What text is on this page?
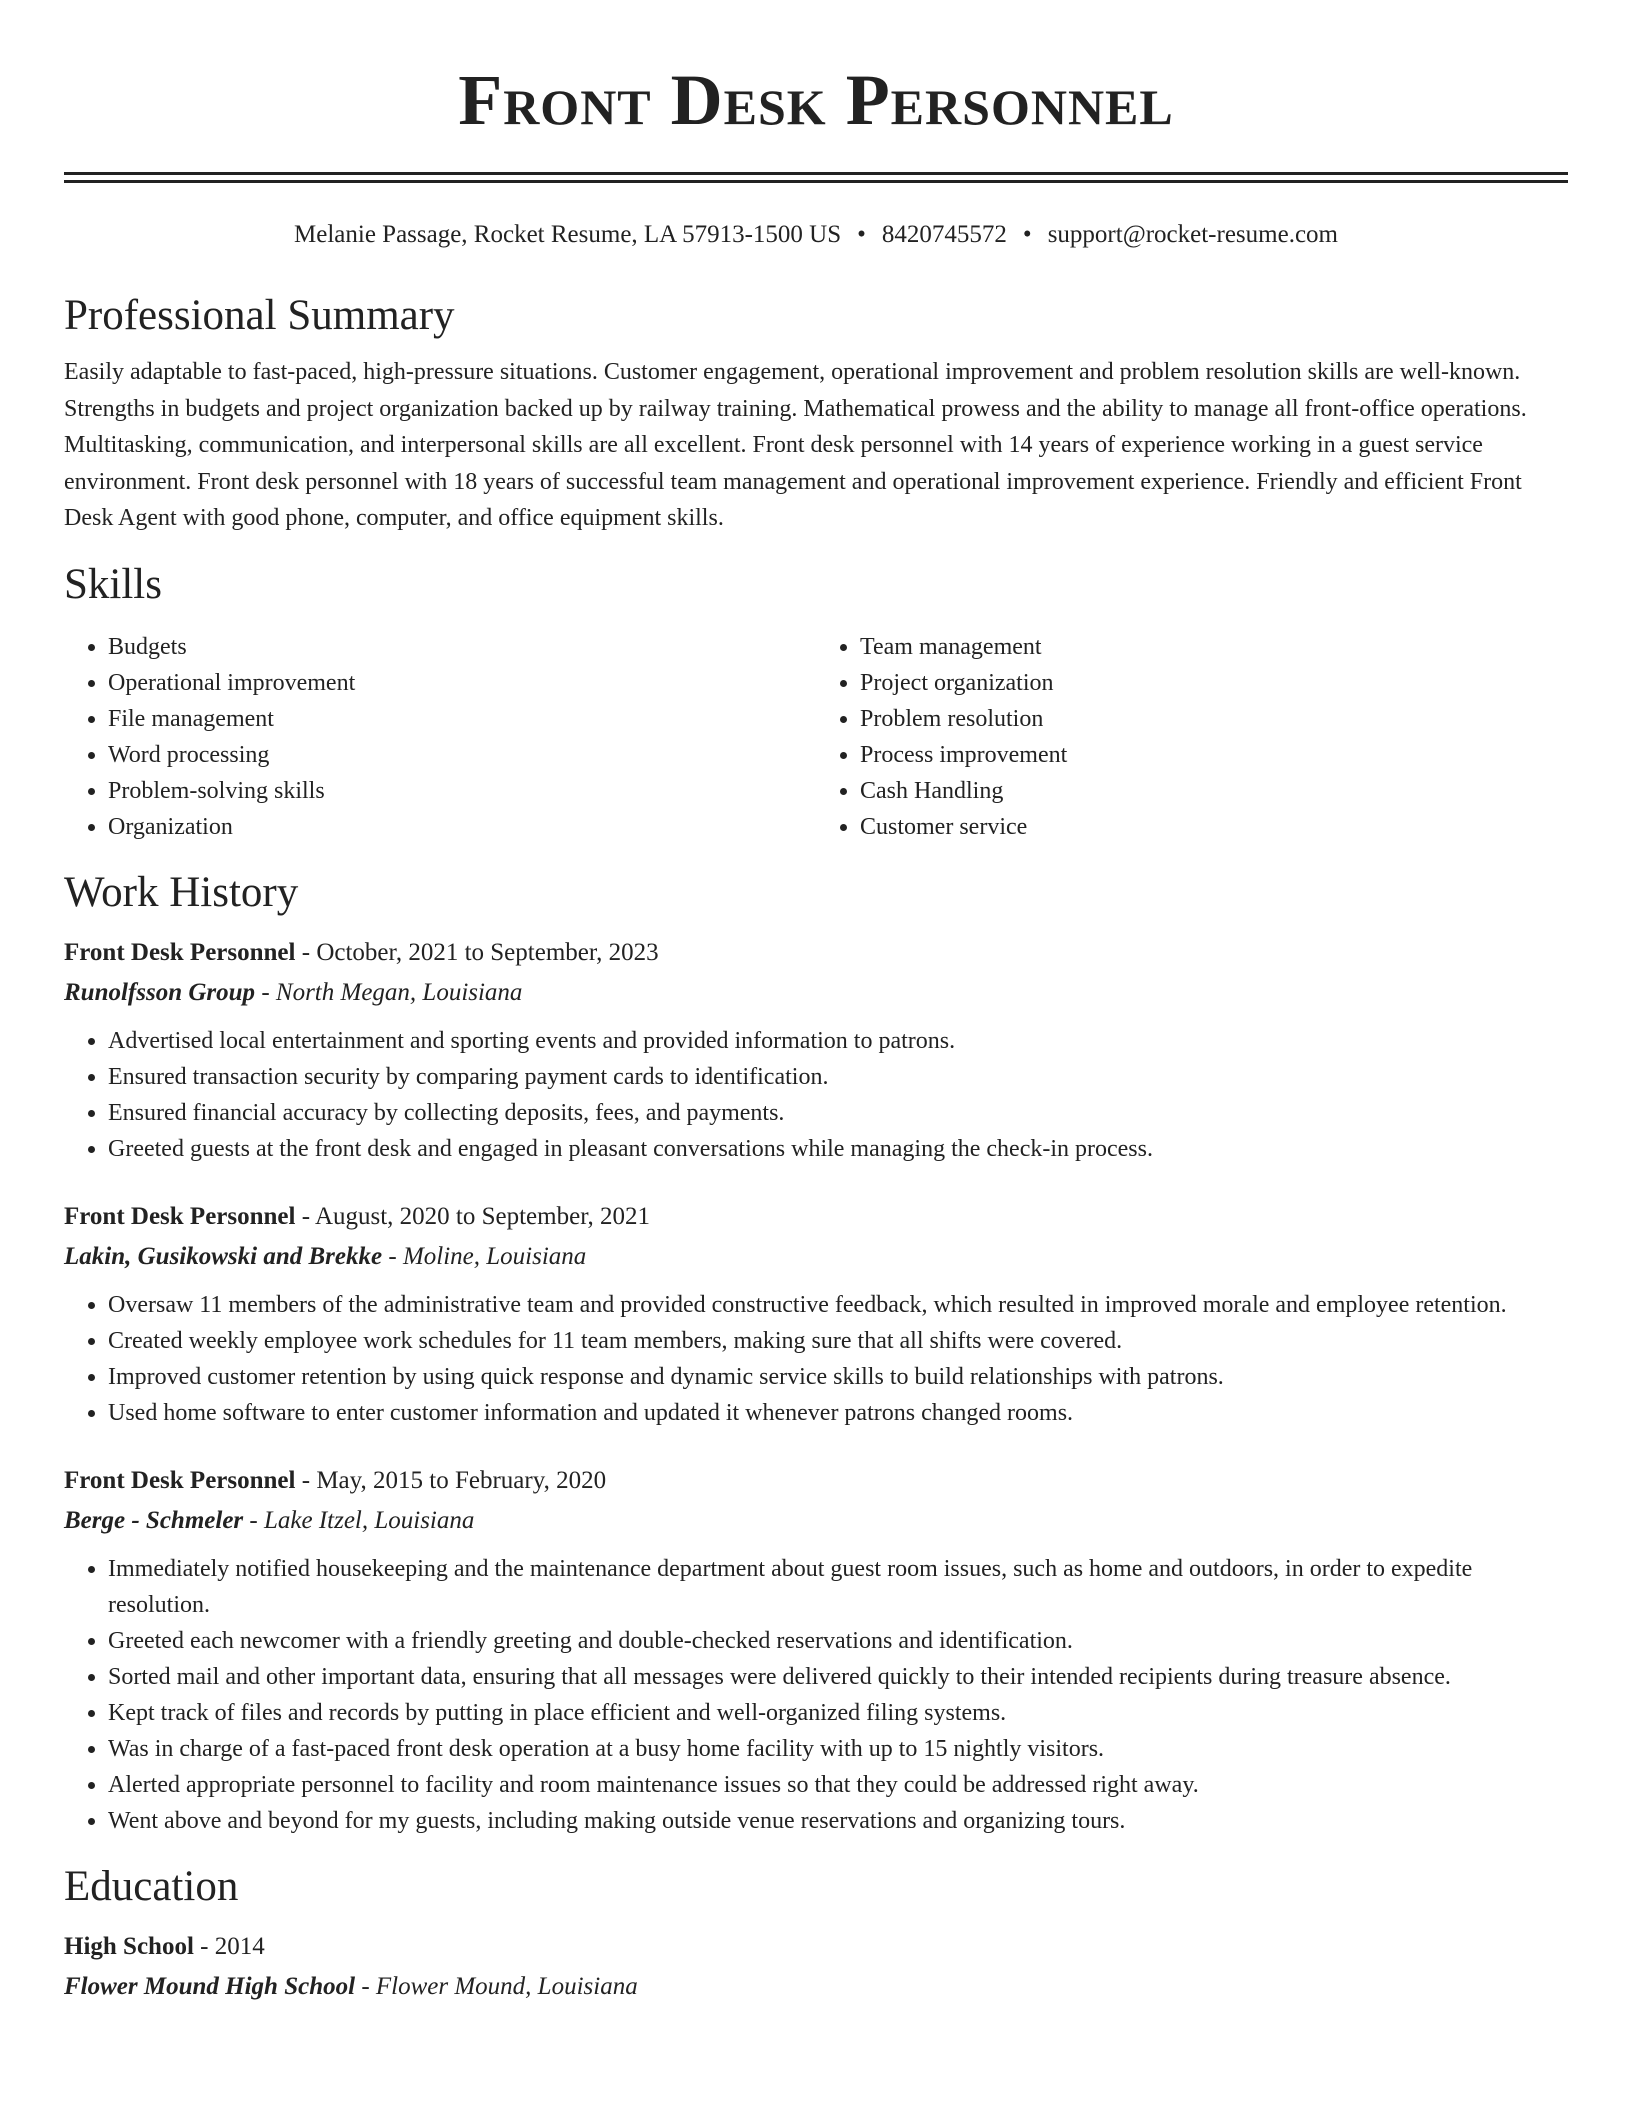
Front Desk Personnel
Melanie Passage, Rocket Resume, LA 57913-1500 US • 8420745572 • support@rocket-resume.com
Professional Summary
Easily adaptable to fast-paced, high-pressure situations. Customer engagement, operational improvement and problem resolution skills are well-known. Strengths in budgets and project organization backed up by railway training. Mathematical prowess and the ability to manage all front-office operations. Multitasking, communication, and interpersonal skills are all excellent. Front desk personnel with 14 years of experience working in a guest service environment. Front desk personnel with 18 years of successful team management and operational improvement experience. Friendly and efficient Front Desk Agent with good phone, computer, and office equipment skills.
Skills
• Budgets
• Operational improvement
• File management
• Word processing
• Problem-solving skills
• Organization
• Team management
• Project organization
• Problem resolution
• Process improvement
• Cash Handling
• Customer service
Work History
Front Desk Personnel - October, 2021 to September, 2023
Runolfsson Group - North Megan, Louisiana
• Advertised local entertainment and sporting events and provided information to patrons.
• Ensured transaction security by comparing payment cards to identification.
• Ensured financial accuracy by collecting deposits, fees, and payments.
• Greeted guests at the front desk and engaged in pleasant conversations while managing the check-in process.
Front Desk Personnel - August, 2020 to September, 2021
Lakin, Gusikowski and Brekke - Moline, Louisiana
• Oversaw 11 members of the administrative team and provided constructive feedback, which resulted in improved morale and employee retention.
• Created weekly employee work schedules for 11 team members, making sure that all shifts were covered.
• Improved customer retention by using quick response and dynamic service skills to build relationships with patrons.
• Used home software to enter customer information and updated it whenever patrons changed rooms.
Front Desk Personnel - May, 2015 to February, 2020
Berge - Schmeler - Lake Itzel, Louisiana
• Immediately notified housekeeping and the maintenance department about guest room issues, such as home and outdoors, in order to expedite resolution.
• Greeted each newcomer with a friendly greeting and double-checked reservations and identification.
• Sorted mail and other important data, ensuring that all messages were delivered quickly to their intended recipients during treasure absence.
• Kept track of files and records by putting in place efficient and well-organized filing systems.
• Was in charge of a fast-paced front desk operation at a busy home facility with up to 15 nightly visitors.
• Alerted appropriate personnel to facility and room maintenance issues so that they could be addressed right away.
• Went above and beyond for my guests, including making outside venue reservations and organizing tours.
Education
High School - 2014
Flower Mound High School - Flower Mound, Louisiana
